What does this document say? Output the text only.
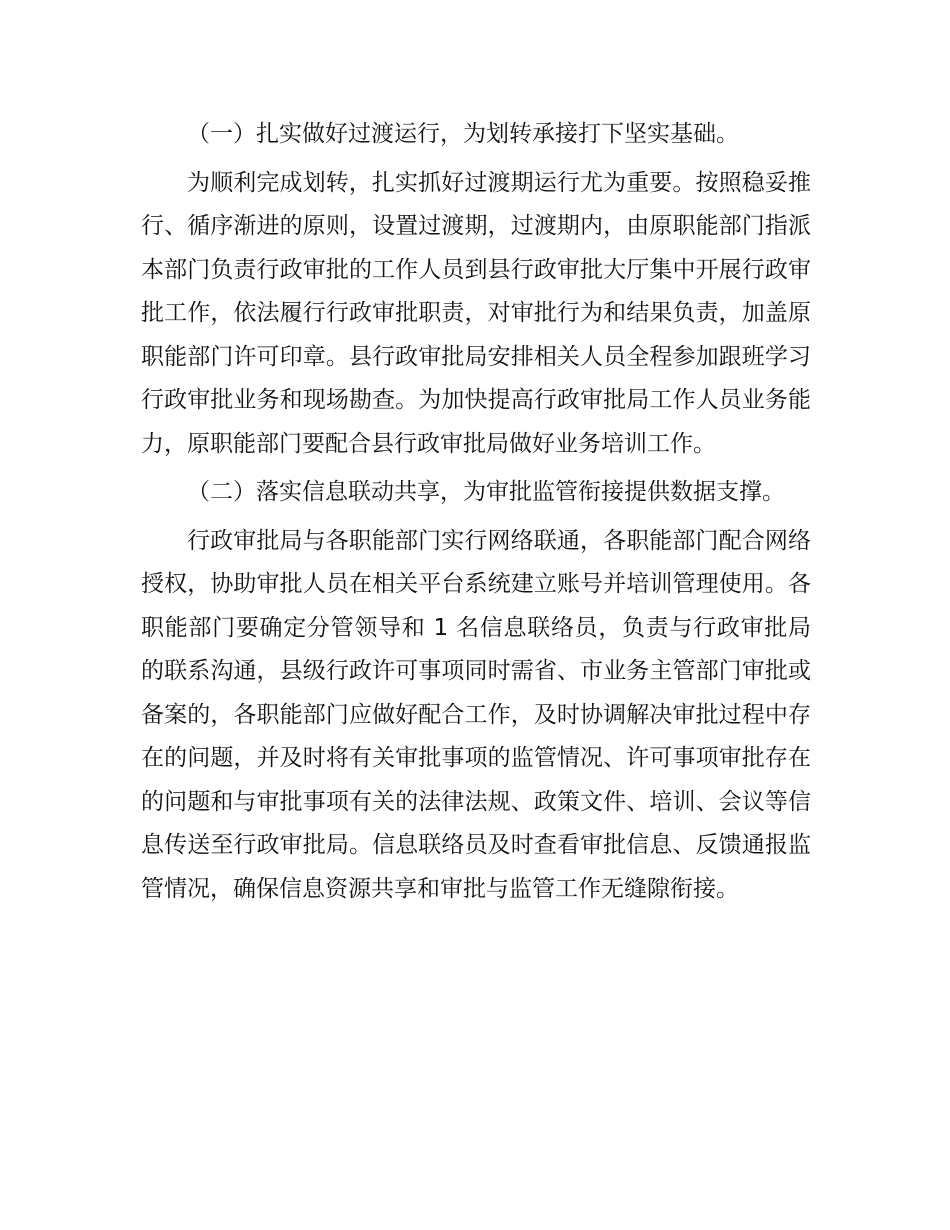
（一）扎实做好过渡运行，为划转承接打下坚实基础。

为顺利完成划转，扎实抓好过渡期运行尤为重要。按照稳妥推行、循序渐进的原则，设置过渡期，过渡期内，由原职能部门指派本部门负责行政审批的工作人员到县行政审批大厅集中开展行政审批工作，依法履行行政审批职责，对审批行为和结果负责，加盖原职能部门许可印章。县行政审批局安排相关人员全程参加跟班学习行政审批业务和现场勘查。为加快提高行政审批局工作人员业务能力，原职能部门要配合县行政审批局做好业务培训工作。

（二）落实信息联动共享，为审批监管衔接提供数据支撑。

行政审批局与各职能部门实行网络联通，各职能部门配合网络授权，协助审批人员在相关平台系统建立账号并培训管理使用。各职能部门要确定分管领导和 1 名信息联络员，负责与行政审批局的联系沟通，县级行政许可事项同时需省、市业务主管部门审批或备案的，各职能部门应做好配合工作，及时协调解决审批过程中存在的问题，并及时将有关审批事项的监管情况、许可事项审批存在的问题和与审批事项有关的法律法规、政策文件、培训、会议等信息传送至行政审批局。信息联络员及时查看审批信息、反馈通报监管情况，确保信息资源共享和审批与监管工作无缝隙衔接。
